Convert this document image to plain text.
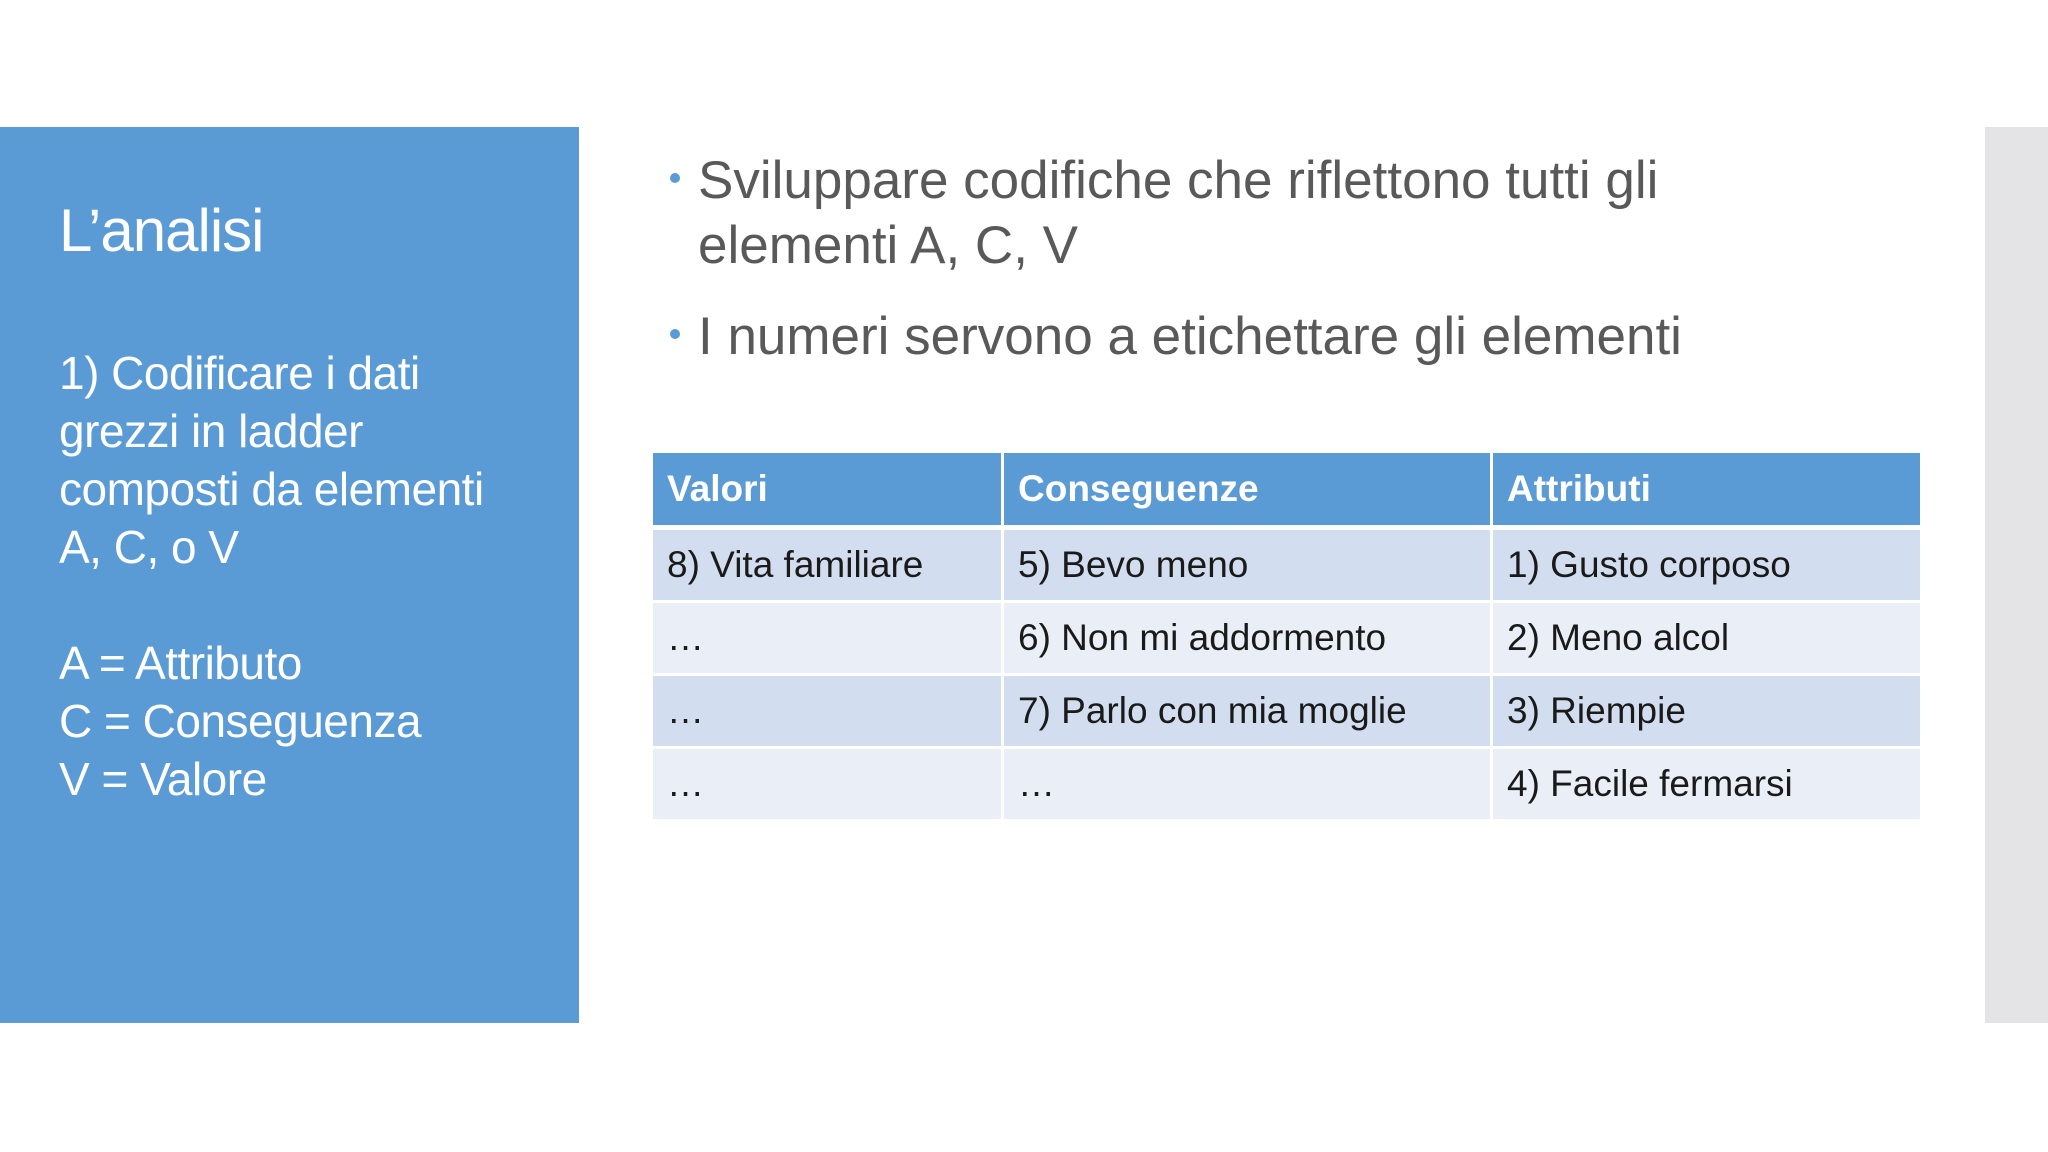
L’analisi

1) Codificare i dati

grezzi in ladder

composti da elementi

A, C, o V

A = Attributo

C = Conseguenza

V = Valore

Sviluppare codifiche che riflettono tutti gli elementi A, C, V
I numeri servono a etichettare gli elementi
Valori	Conseguenze	Attributi
8) Vita familiare	5) Bevo meno	1) Gusto corposo
…	6) Non mi addormento	2) Meno alcol
…	7) Parlo con mia moglie	3) Riempie
…	…	4) Facile fermarsi
